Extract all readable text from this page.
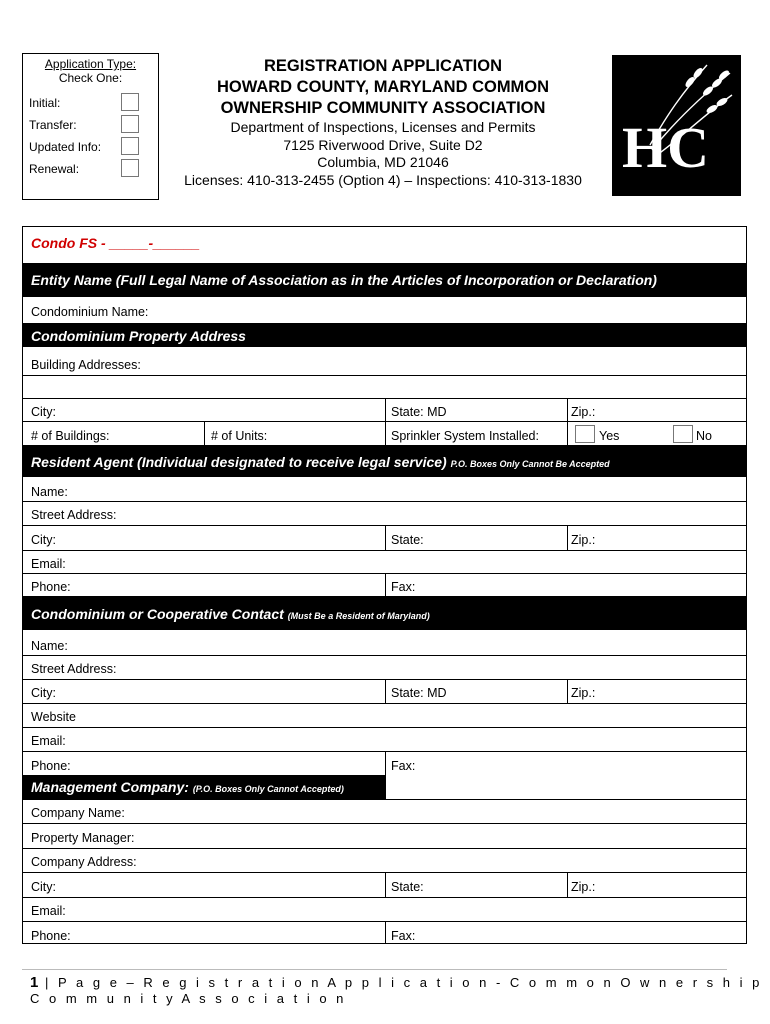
Application Type:
Check One:
Initial:
Transfer:
Updated Info:
Renewal:
REGISTRATION APPLICATION
HOWARD COUNTY, MARYLAND COMMON
OWNERSHIP COMMUNITY ASSOCIATION
Department of Inspections, Licenses and Permits
7125 Riverwood Drive, Suite D2
Columbia, MD 21046
Licenses: 410-313-2455 (Option 4) – Inspections: 410-313-1830 HC
Condo FS - _____-______
Entity Name (Full Legal Name of Association as in the Articles of Incorporation or Declaration)
Condominium Name:
Condominium Property Address
Building Addresses:
City:	State: MD	Zip.:
# of Buildings:	# of Units:	Sprinkler System Installed:	Yes	No
Resident Agent (Individual designated to receive legal service) P.O. Boxes Only Cannot Be Accepted
Name:
Street Address:
City:	State:	Zip.:
Email:
Phone:	Fax:
Condominium or Cooperative Contact (Must Be a Resident of Maryland)
Name:
Street Address:
City:	State: MD	Zip.:
Website
Email:
Phone:	Fax:
Management Company: (P.O. Boxes Only Cannot Accepted)
Company Name:
Property Manager:
Company Address:
City:	State:	Zip.:
Email:
Phone:	Fax:
1 | P a g e – R e g i s t r a t i o n A p p l i c a t i o n - C o m m o n O w n e r s h i p C o m m u n i t y A s s o c i a t i o n
